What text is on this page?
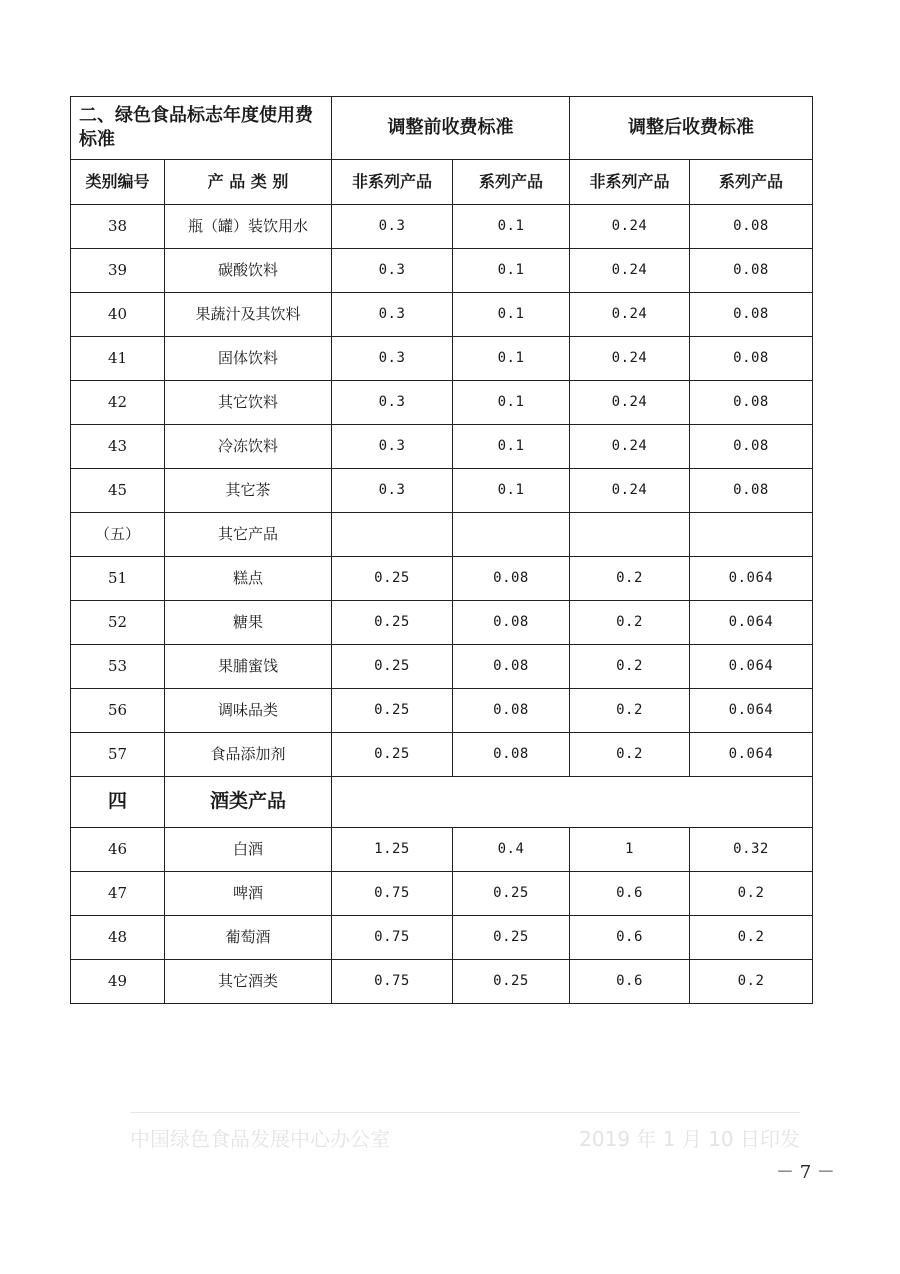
二、绿色食品标志年度使用费标准		调整前收费标准		调整后收费标准	
类别编号	产 品 类 别	非系列产品	系列产品	非系列产品	系列产品
38	瓶（罐）装饮用水	0.3	0.1	0.24	0.08
39	碳酸饮料	0.3	0.1	0.24	0.08
40	果蔬汁及其饮料	0.3	0.1	0.24	0.08
41	固体饮料	0.3	0.1	0.24	0.08
42	其它饮料	0.3	0.1	0.24	0.08
43	冷冻饮料	0.3	0.1	0.24	0.08
45	其它茶	0.3	0.1	0.24	0.08
（五）	其它产品				
51	糕点	0.25	0.08	0.2	0.064
52	糖果	0.25	0.08	0.2	0.064
53	果脯蜜饯	0.25	0.08	0.2	0.064
56	调味品类	0.25	0.08	0.2	0.064
57	食品添加剂	0.25	0.08	0.2	0.064
四	酒类产品				
46	白酒	1.25	0.4	1	0.32
47	啤酒	0.75	0.25	0.6	0.2
48	葡萄酒	0.75	0.25	0.6	0.2
49	其它酒类	0.75	0.25	0.6	0.2
中国绿色食品发展中心办公室	2019 年 1 月 10 日印发
－ 7 －
